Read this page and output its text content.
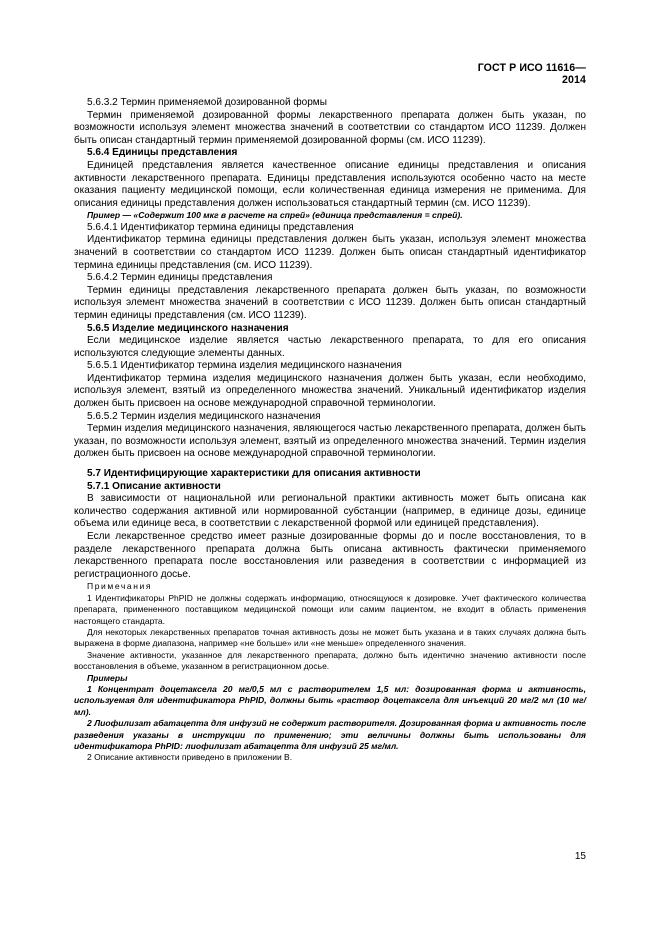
ГОСТ Р ИСО 11616—2014

5.6.3.2 Термин применяемой дозированной формы

Термин применяемой дозированной формы лекарственного препарата должен быть указан, по возможности используя элемент множества значений в соответствии со стандартом ИСО 11239. Должен быть описан стандартный термин применяемой дозированной формы (см. ИСО 11239).

5.6.4 Единицы представления

Единицей представления является качественное описание единицы представления и описания активности лекарственного препарата. Единицы представления используются особенно часто на месте оказания пациенту медицинской помощи, если количественная единица измерения не применима. Для описания единицы представления должен использоваться стандартный термин (см. ИСО 11239).

Пример — «Содержит 100 мкг в расчете на спрей» (единица представления = спрей).

5.6.4.1 Идентификатор термина единицы представления

Идентификатор термина единицы представления должен быть указан, используя элемент множества значений в соответствии со стандартом ИСО 11239. Должен быть описан стандартный идентификатор термина единицы представления (см. ИСО 11239).

5.6.4.2 Термин единицы представления

Термин единицы представления лекарственного препарата должен быть указан, по возможности используя элемент множества значений в соответствии с ИСО 11239. Должен быть описан стандартный термин единицы представления (см. ИСО 11239).

5.6.5 Изделие медицинского назначения

Если медицинское изделие является частью лекарственного препарата, то для его описания используются следующие элементы данных.

5.6.5.1 Идентификатор термина изделия медицинского назначения

Идентификатор термина изделия медицинского назначения должен быть указан, если необходимо, используя элемент, взятый из определенного множества значений. Уникальный идентификатор изделия должен быть присвоен на основе международной справочной терминологии.

5.6.5.2 Термин изделия медицинского назначения

Термин изделия медицинского назначения, являющегося частью лекарственного препарата, должен быть указан, по возможности используя элемент, взятый из определенного множества значений. Термин изделия должен быть присвоен на основе международной справочной терминологии.

5.7 Идентифицирующие характеристики для описания активности

5.7.1 Описание активности

В зависимости от национальной или региональной практики активность может быть описана как количество содержания активной или нормированной субстанции (например, в единице дозы, единице объема или единице веса, в соответствии с лекарственной формой или единицей представления).

Если лекарственное средство имеет разные дозированные формы до и после восстановления, то в разделе лекарственного препарата должна быть описана активность фактически применяемого лекарственного препарата после восстановления или разведения в соответствии с информацией из регистрационного досье.

Примечания

1 Идентификаторы PhPID не должны содержать информацию, относящуюся к дозировке. Учет фактического количества препарата, примененного поставщиком медицинской помощи или самим пациентом, не входит в область применения настоящего стандарта.

Для некоторых лекарственных препаратов точная активность дозы не может быть указана и в таких случаях должна быть выражена в форме диапазона, например «не больше» или «не меньше» определенного значения.

Значение активности, указанное для лекарственного препарата, должно быть идентично значению активности после восстановления в объеме, указанном в регистрационном досье.

Примеры

1 Концентрат доцетаксела 20 мг/0,5 мл с растворителем 1,5 мл: дозированная форма и активность, используемая для идентификатора PhPID, должны быть «раствор доцетаксела для инъекций 20 мг/2 мл (10 мг/мл).

2 Лиофилизат абатацепта для инфузий не содержит растворителя. Дозированная форма и активность после разведения указаны в инструкции по применению; эти величины должны быть использованы для идентификатора PhPID: лиофилизат абатацепта для инфузий 25 мг/мл.

2 Описание активности приведено в приложении В.

15
